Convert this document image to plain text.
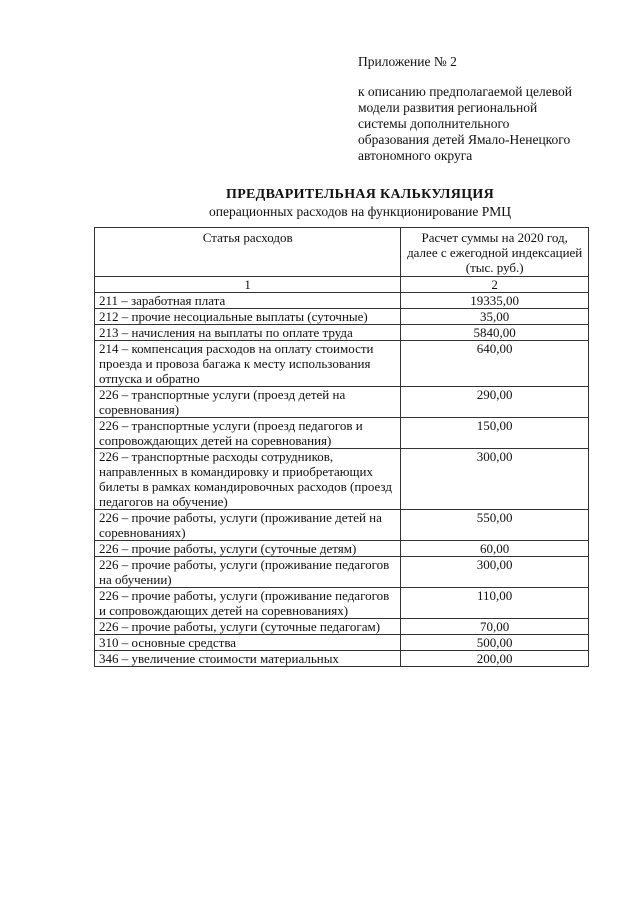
Приложение № 2
к описанию предполагаемой целевой
модели развития региональной
системы дополнительного
образования детей Ямало-Ненецкого
автономного округа
ПРЕДВАРИТЕЛЬНАЯ КАЛЬКУЛЯЦИЯ
операционных расходов на функционирование РМЦ
Статья расходов	Расчет суммы на 2020 год, далее с ежегодной индексацией (тыс. руб.)
1	2
211 – заработная плата	19335,00
212 – прочие несоциальные выплаты (суточные)	35,00
213 – начисления на выплаты по оплате труда	5840,00
214 – компенсация расходов на оплату стоимости проезда и провоза багажа к месту использования отпуска и обратно	640,00
226 – транспортные услуги (проезд детей на соревнования)	290,00
226 – транспортные услуги (проезд педагогов и сопровождающих детей на соревнования)	150,00
226 – транспортные расходы сотрудников, направленных в командировку и приобретающих билеты в рамках командировочных расходов (проезд педагогов на обучение)	300,00
226 – прочие работы, услуги (проживание детей на соревнованиях)	550,00
226 – прочие работы, услуги (суточные детям)	60,00
226 – прочие работы, услуги (проживание педагогов на обучении)	300,00
226 – прочие работы, услуги (проживание педагогов и сопровождающих детей на соревнованиях)	110,00
226 – прочие работы, услуги (суточные педагогам)	70,00
310 – основные средства	500,00
346 – увеличение стоимости материальных	200,00
